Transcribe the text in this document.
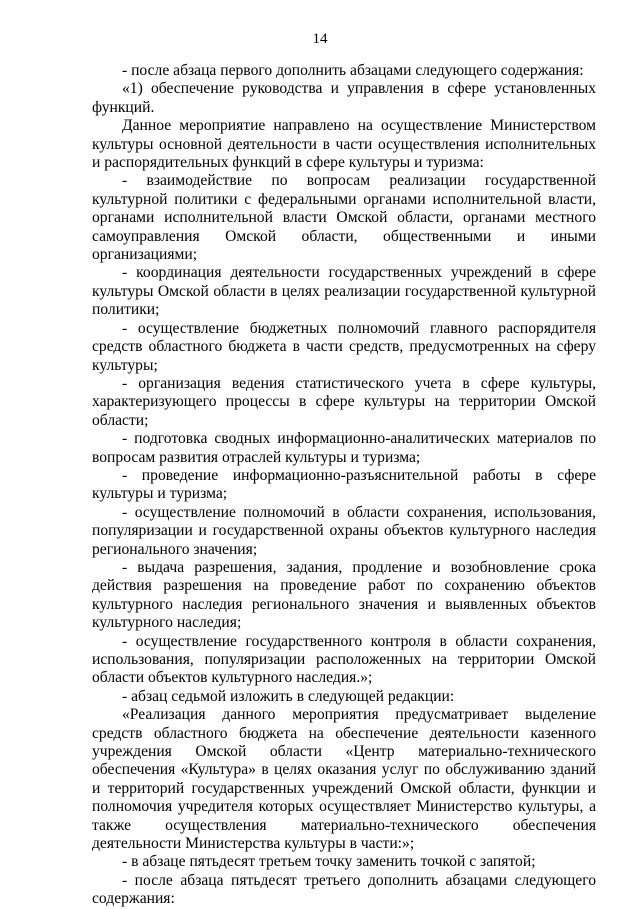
14

- после абзаца первого дополнить абзацами следующего содержания:

«1) обеспечение руководства и управления в сфере установленных функций.

Данное мероприятие направлено на осуществление Министерством культуры основной деятельности в части осуществления исполнительных и распорядительных функций в сфере культуры и туризма:

- взаимодействие по вопросам реализации государственной культурной политики с федеральными органами исполнительной власти, органами исполнительной власти Омской области, органами местного самоуправления Омской области, общественными и иными организациями;

- координация деятельности государственных учреждений в сфере культуры Омской области в целях реализации государственной культурной политики;

- осуществление бюджетных полномочий главного распорядителя средств областного бюджета в части средств, предусмотренных на сферу культуры;

- организация ведения статистического учета в сфере культуры, характеризующего процессы в сфере культуры на территории Омской области;

- подготовка сводных информационно-аналитических материалов по вопросам развития отраслей культуры и туризма;

- проведение информационно-разъяснительной работы в сфере культуры и туризма;

- осуществление полномочий в области сохранения, использования, популяризации и государственной охраны объектов культурного наследия регионального значения;

- выдача разрешения, задания, продление и возобновление срока действия разрешения на проведение работ по сохранению объектов культурного наследия регионального значения и выявленных объектов культурного наследия;

- осуществление государственного контроля в области сохранения, использования, популяризации расположенных на территории Омской области объектов культурного наследия.»;

- абзац седьмой изложить в следующей редакции:

«Реализация данного мероприятия предусматривает выделение средств областного бюджета на обеспечение деятельности казенного учреждения Омской области «Центр материально-технического обеспечения «Культура» в целях оказания услуг по обслуживанию зданий и территорий государственных учреждений Омской области, функции и полномочия учредителя которых осуществляет Министерство культуры, а также осуществления материально-технического обеспечения деятельности Министерства культуры в части:»;

- в абзаце пятьдесят третьем точку заменить точкой с запятой;

- после абзаца пятьдесят третьего дополнить абзацами следующего содержания:
